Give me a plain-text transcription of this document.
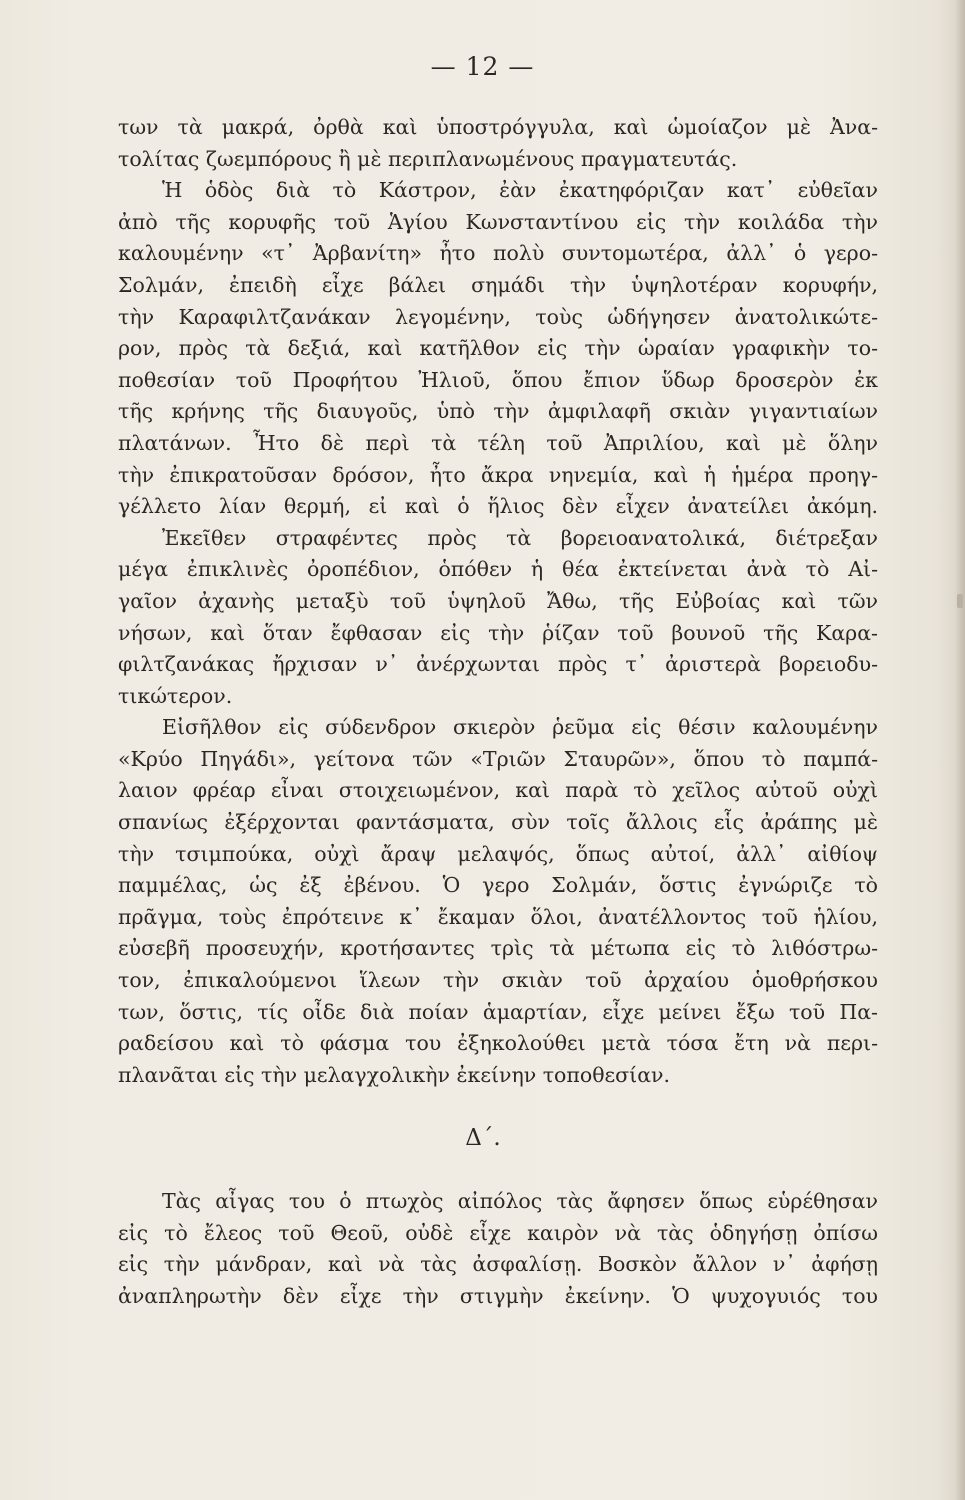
— 12 —
των τὰ μακρά, ὀρθὰ καὶ ὑποστρόγγυλα, καὶ ὡμοίαζον μὲ Ἀνα-
τολίτας ζωεμπόρους ἢ μὲ περιπλανωμένους πραγματευτάς.
Ἡ ὁδὸς διὰ τὸ Κάστρον, ἐὰν ἐκατηφόριζαν κατ᾽ εὐθεῖαν
ἀπὸ τῆς κορυφῆς τοῦ Ἁγίου Κωνσταντίνου εἰς τὴν κοιλάδα τὴν
καλουμένην «τ᾽ Ἀρβανίτη» ἦτο πολὺ συντομωτέρα, ἀλλ᾽ ὁ γερο-
Σολμάν, ἐπειδὴ εἶχε βάλει σημάδι τὴν ὑψηλοτέραν κορυφήν,
τὴν Καραφιλτζανάκαν λεγομένην, τοὺς ὡδήγησεν ἀνατολικώτε-
ρον, πρὸς τὰ δεξιά, καὶ κατῆλθον εἰς τὴν ὡραίαν γραφικὴν το-
ποθεσίαν τοῦ Προφήτου Ἠλιοῦ, ὅπου ἔπιον ὕδωρ δροσερὸν ἐκ
τῆς κρήνης τῆς διαυγοῦς, ὑπὸ τὴν ἀμφιλαφῆ σκιὰν γιγαντιαίων
πλατάνων. Ἦτο δὲ περὶ τὰ τέλη τοῦ Ἀπριλίου, καὶ μὲ ὅλην
τὴν ἐπικρατοῦσαν δρόσον, ἦτο ἄκρα νηνεμία, καὶ ἡ ἡμέρα προηγ-
γέλλετο λίαν θερμή, εἰ καὶ ὁ ἥλιος δὲν εἶχεν ἀνατείλει ἀκόμη.
Ἐκεῖθεν στραφέντες πρὸς τὰ βορειοανατολικά, διέτρεξαν
μέγα ἐπικλινὲς ὀροπέδιον, ὁπόθεν ἡ θέα ἐκτείνεται ἀνὰ τὸ Αἰ-
γαῖον ἀχανὴς μεταξὺ τοῦ ὑψηλοῦ Ἄθω, τῆς Εὐβοίας καὶ τῶν
νήσων, καὶ ὅταν ἔφθασαν εἰς τὴν ῥίζαν τοῦ βουνοῦ τῆς Καρα-
φιλτζανάκας ἤρχισαν ν᾽ ἀνέρχωνται πρὸς τ᾽ ἀριστερὰ βορειοδυ-
τικώτερον.
Εἰσῆλθον εἰς σύδενδρον σκιερὸν ῥεῦμα εἰς θέσιν καλουμένην
«Κρύο Πηγάδι», γείτονα τῶν «Τριῶν Σταυρῶν», ὅπου τὸ παμπά-
λαιον φρέαρ εἶναι στοιχειωμένον, καὶ παρὰ τὸ χεῖλος αὐτοῦ οὐχὶ
σπανίως ἐξέρχονται φαντάσματα, σὺν τοῖς ἄλλοις εἷς ἀράπης μὲ
τὴν τσιμπούκα, οὐχὶ ἄραψ μελαψός, ὅπως αὐτοί, ἀλλ᾽ αἰθίοψ
παμμέλας, ὡς ἐξ ἐβένου. Ὁ γερο Σολμάν, ὅστις ἐγνώριζε τὸ
πρᾶγμα, τοὺς ἐπρότεινε κ᾽ ἔκαμαν ὅλοι, ἀνατέλλοντος τοῦ ἡλίου,
εὐσεβῆ προσευχήν, κροτήσαντες τρὶς τὰ μέτωπα εἰς τὸ λιθόστρω-
τον, ἐπικαλούμενοι ἵλεων τὴν σκιὰν τοῦ ἀρχαίου ὁμοθρήσκου
των, ὅστις, τίς οἶδε διὰ ποίαν ἁμαρτίαν, εἶχε μείνει ἔξω τοῦ Πα-
ραδείσου καὶ τὸ φάσμα του ἐξηκολούθει μετὰ τόσα ἔτη νὰ περι-
πλανᾶται εἰς τὴν μελαγχολικὴν ἐκείνην τοποθεσίαν.
Δ΄.
Τὰς αἶγας του ὁ πτωχὸς αἰπόλος τὰς ἄφησεν ὅπως εὑρέθησαν
εἰς τὸ ἔλεος τοῦ Θεοῦ, οὐδὲ εἶχε καιρὸν νὰ τὰς ὁδηγήσῃ ὀπίσω
εἰς τὴν μάνδραν, καὶ νὰ τὰς ἀσφαλίσῃ. Βοσκὸν ἄλλον ν᾽ ἀφήσῃ
ἀναπληρωτὴν δὲν εἶχε τὴν στιγμὴν ἐκείνην. Ὁ ψυχογυιός του
